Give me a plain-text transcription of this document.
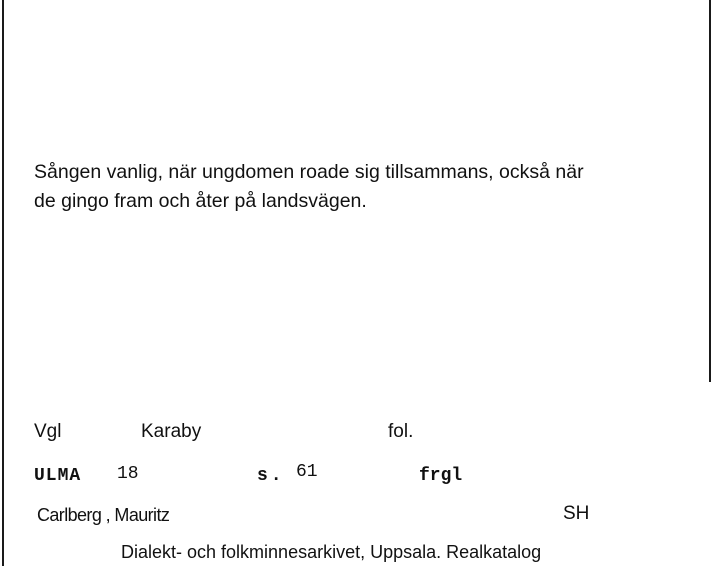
Sången vanlig, när ungdomen roade sig tillsammans, också när
de gingo fram och åter på landsvägen.
Vgl	Karaby	fol.
ULMA 18	s. 61	frgl
Carlberg , Mauritz	SH
Dialekt- och folkminnesarkivet, Uppsala. Realkatalog
